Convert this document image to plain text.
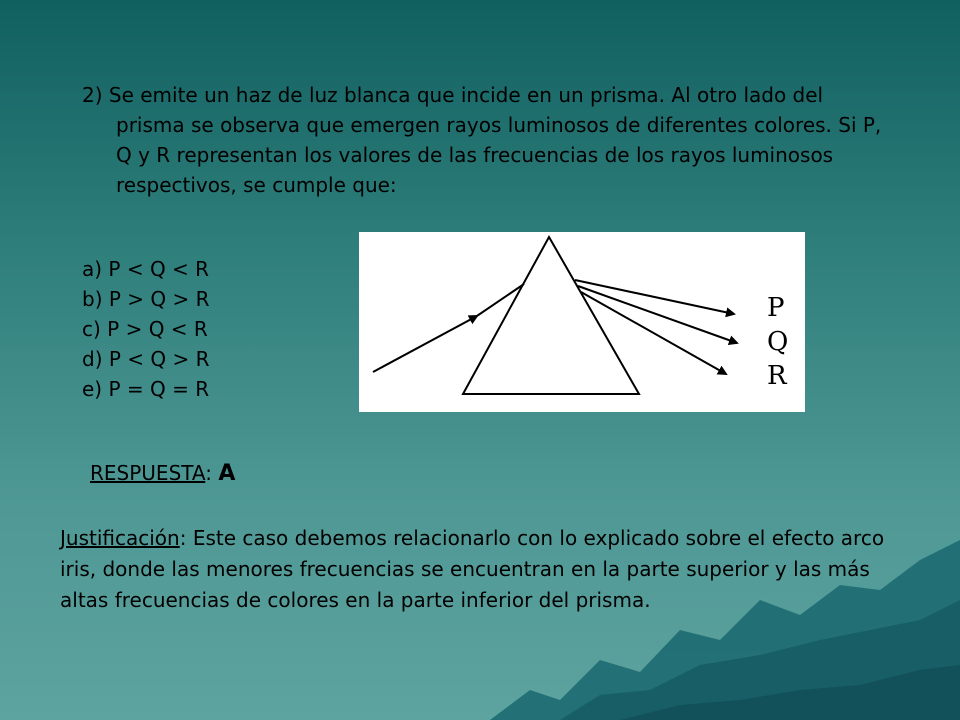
2) Se emite un haz de luz blanca que incide en un prisma. Al otro lado del prisma se observa que emergen rayos luminosos de diferentes colores. Si P, Q y R representan los valores de las frecuencias de los rayos luminosos respectivos, se cumple que:
a) P < Q < R
b) P > Q > R
c) P > Q < R
d) P < Q > R
e) P = Q = R
P
Q
R
RESPUESTA: A
Justificación: Este caso debemos relacionarlo con lo explicado sobre el efecto arco iris, donde las menores frecuencias se encuentran en la parte superior y las más altas frecuencias de colores en la parte inferior del prisma.
